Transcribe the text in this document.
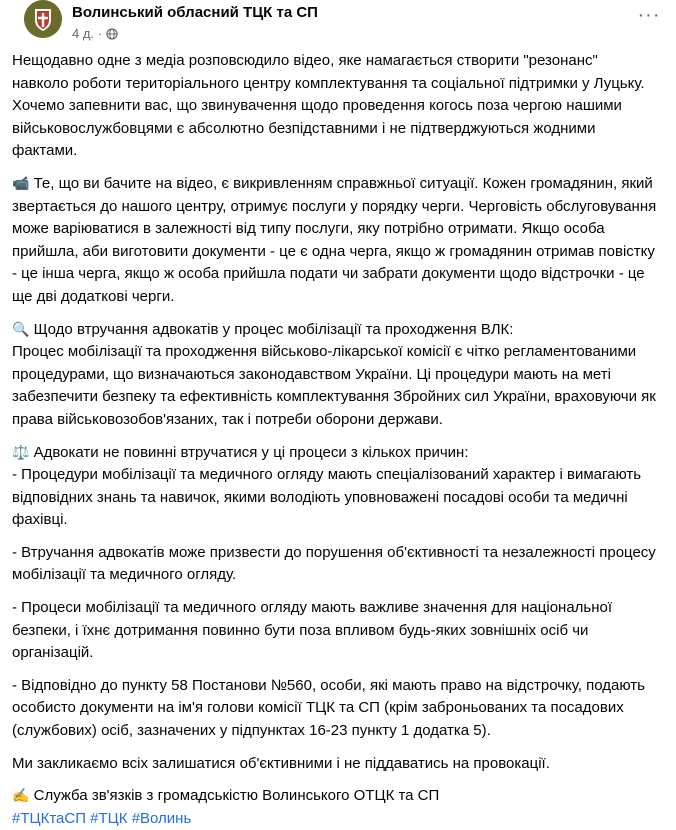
Волинський обласний ТЦК та СП
4 д. ·
···

Нещодавно одне з медіа розповсюдило відео, яке намагається створити "резонанс" навколо роботи територіального центру комплектування та соціальної підтримки у Луцьку. Хочемо запевнити вас, що звинувачення щодо проведення когось поза чергою нашими військовослужбовцями є абсолютно безпідставними і не підтверджуються жодними фактами.

📹 Те, що ви бачите на відео, є викривленням справжньої ситуації. Кожен громадянин, який звертається до нашого центру, отримує послуги у порядку черги. Черговість обслуговування може варіюватися в залежності від типу послуги, яку потрібно отримати. Якщо особа прийшла, аби виготовити документи - це є одна черга, якщо ж громадянин отримав повістку - це інша черга, якщо ж особа прийшла подати чи забрати документи щодо відстрочки - це ще дві додаткові черги.

🔍 Щодо втручання адвокатів у процес мобілізації та проходження ВЛК:
Процес мобілізації та проходження військово-лікарської комісії є чітко регламентованими процедурами, що визначаються законодавством України. Ці процедури мають на меті забезпечити безпеку та ефективність комплектування Збройних сил України, враховуючи як права військовозобов'язаних, так і потреби оборони держави.

⚖️ Адвокати не повинні втручатися у ці процеси з кількох причин:
- Процедури мобілізації та медичного огляду мають спеціалізований характер і вимагають відповідних знань та навичок, якими володіють уповноважені посадові особи та медичні фахівці.

- Втручання адвокатів може призвести до порушення об'єктивності та незалежності процесу мобілізації та медичного огляду.

- Процеси мобілізації та медичного огляду мають важливе значення для національної безпеки, і їхнє дотримання повинно бути поза впливом будь-яких зовнішніх осіб чи організацій.

- Відповідно до пункту 58 Постанови №560, особи, які мають право на відстрочку, подають особисто документи на ім'я голови комісії ТЦК та СП (крім заброньованих та посадових (службових) осіб, зазначених у підпунктах 16-23 пункту 1 додатка 5).

Ми закликаємо всіх залишатися об'єктивними і не піддаватись на провокації.

✍️ Служба зв'язків з громадськістю Волинського ОТЦК та СП
#ТЦКтаСП #ТЦК #Волинь
